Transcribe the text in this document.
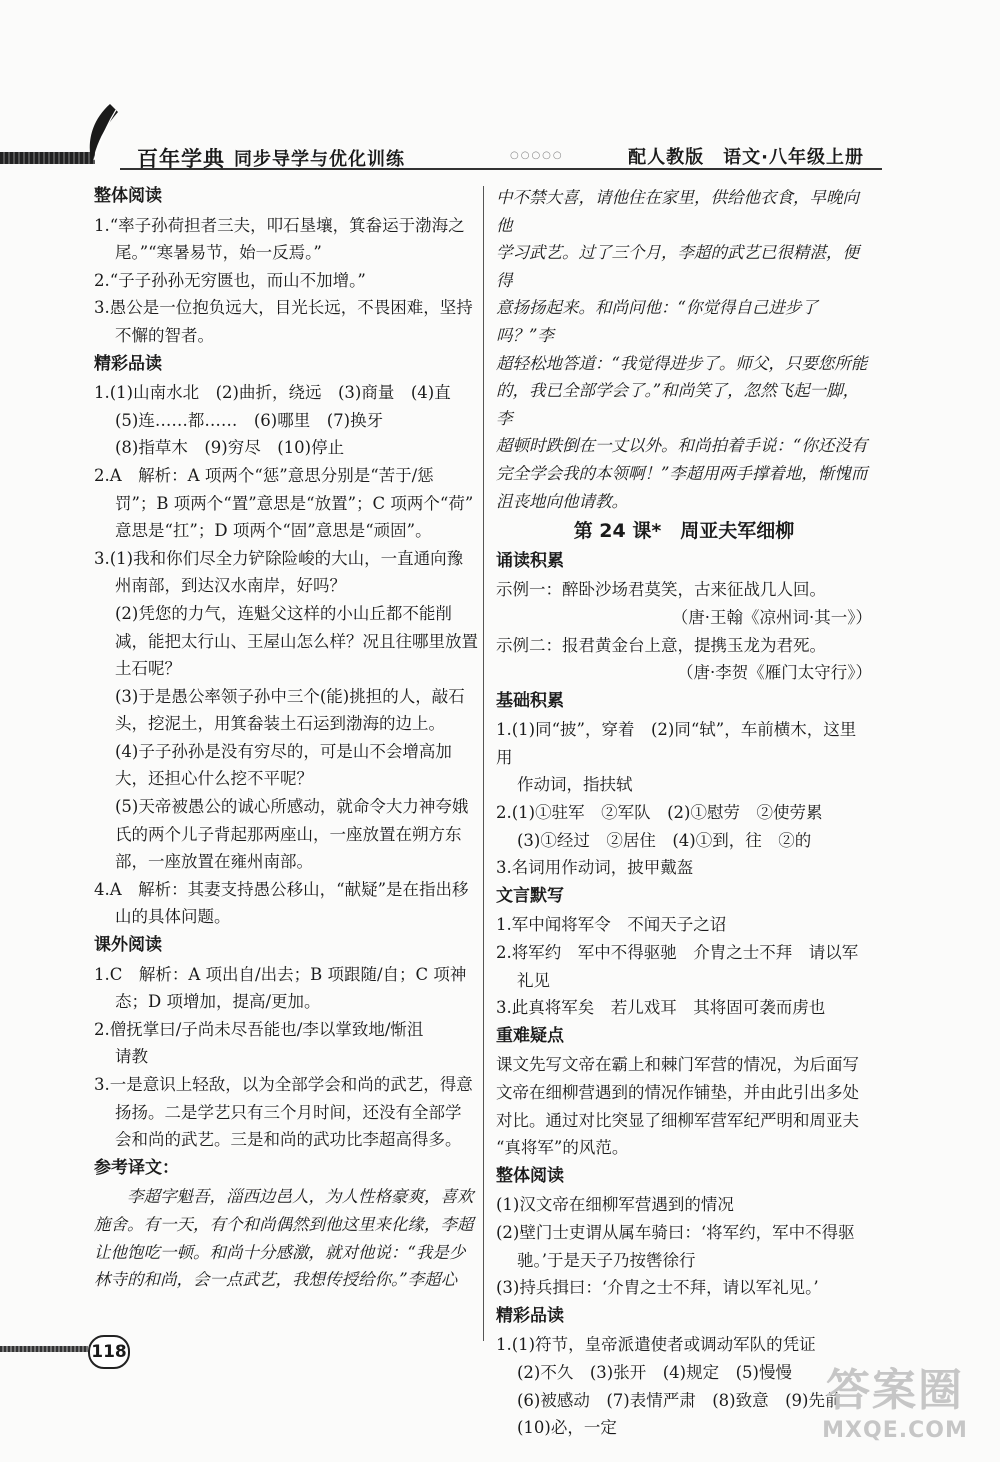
百年学典 同步导学与优化训练	○○○○○	配人教版　语文·八年级上册
整体阅读

1.“率子孙荷担者三夫，叩石垦壤，箕畚运于渤海之

尾。”“寒暑易节，始一反焉。”

2.“子子孙孙无穷匮也，而山不加增。”

3.愚公是一位抱负远大，目光长远，不畏困难，坚持

不懈的智者。

精彩品读

1.(1)山南水北　(2)曲折，绕远　(3)商量　(4)直

(5)连……都……　(6)哪里　(7)换牙

(8)指草木　(9)穷尽　(10)停止

2.A　解析：A 项两个“惩”意思分别是“苦于/惩

罚”；B 项两个“置”意思是“放置”；C 项两个“荷”

意思是“扛”；D 项两个“固”意思是“顽固”。

3.(1)我和你们尽全力铲除险峻的大山，一直通向豫

州南部，到达汉水南岸，好吗？

(2)凭您的力气，连魁父这样的小山丘都不能削

减，能把太行山、王屋山怎么样？况且往哪里放置

土石呢？

(3)于是愚公率领子孙中三个(能)挑担的人，敲石

头，挖泥土，用箕畚装土石运到渤海的边上。

(4)子子孙孙是没有穷尽的，可是山不会增高加

大，还担心什么挖不平呢？

(5)天帝被愚公的诚心所感动，就命令大力神夸娥

氏的两个儿子背起那两座山，一座放置在朔方东

部，一座放置在雍州南部。

4.A　解析：其妻支持愚公移山，“献疑”是在指出移

山的具体问题。

课外阅读

1.C　解析：A 项出自/出去；B 项跟随/自；C 项神

态；D 项增加，提高/更加。

2.僧抚掌曰/子尚未尽吾能也/李以掌致地/惭沮

请教

3.一是意识上轻敌，以为全部学会和尚的武艺，得意

扬扬。二是学艺只有三个月时间，还没有全部学

会和尚的武艺。三是和尚的武功比李超高得多。

参考译文：

李超字魁吾，淄西边邑人，为人性格豪爽，喜欢

施舍。有一天，有个和尚偶然到他这里来化缘，李超

让他饱吃一顿。和尚十分感激，就对他说：“我是少

林寺的和尚，会一点武艺，我想传授给你。”李超心

中不禁大喜，请他住在家里，供给他衣食，早晚向他

学习武艺。过了三个月，李超的武艺已很精湛，便得

意扬扬起来。和尚问他：“你觉得自己进步了吗？”李

超轻松地答道：“我觉得进步了。师父，只要您所能

的，我已全部学会了。”和尚笑了，忽然飞起一脚，李

超顿时跌倒在一丈以外。和尚拍着手说：“你还没有

完全学会我的本领啊！”李超用两手撑着地，惭愧而

沮丧地向他请教。

第 24 课*　周亚夫军细柳
诵读积累

示例一：醉卧沙场君莫笑，古来征战几人回。

（唐·王翰《凉州词·其一》）

示例二：报君黄金台上意，提携玉龙为君死。

（唐·李贺《雁门太守行》）

基础积累

1.(1)同“披”，穿着　(2)同“轼”，车前横木，这里用

作动词，指扶轼

2.(1)①驻军　②军队　(2)①慰劳　②使劳累

(3)①经过　②居住　(4)①到，往　②的

3.名词用作动词，披甲戴盔

文言默写

1.军中闻将军令　不闻天子之诏

2.将军约　军中不得驱驰　介胄之士不拜　请以军

礼见

3.此真将军矣　若儿戏耳　其将固可袭而虏也

重难疑点

课文先写文帝在霸上和棘门军营的情况，为后面写

文帝在细柳营遇到的情况作铺垫，并由此引出多处

对比。通过对比突显了细柳军营军纪严明和周亚夫

“真将军”的风范。

整体阅读

(1)汉文帝在细柳军营遇到的情况

(2)壁门士吏谓从属车骑曰：‘将军约，军中不得驱

驰。’于是天子乃按辔徐行

(3)持兵揖曰：‘介胄之士不拜，请以军礼见。’

精彩品读

1.(1)符节，皇帝派遣使者或调动军队的凭证

(2)不久　(3)张开　(4)规定　(5)慢慢

(6)被感动　(7)表情严肃　(8)致意　(9)先前

(10)必，一定

118
答案圈
MXQE.COM
